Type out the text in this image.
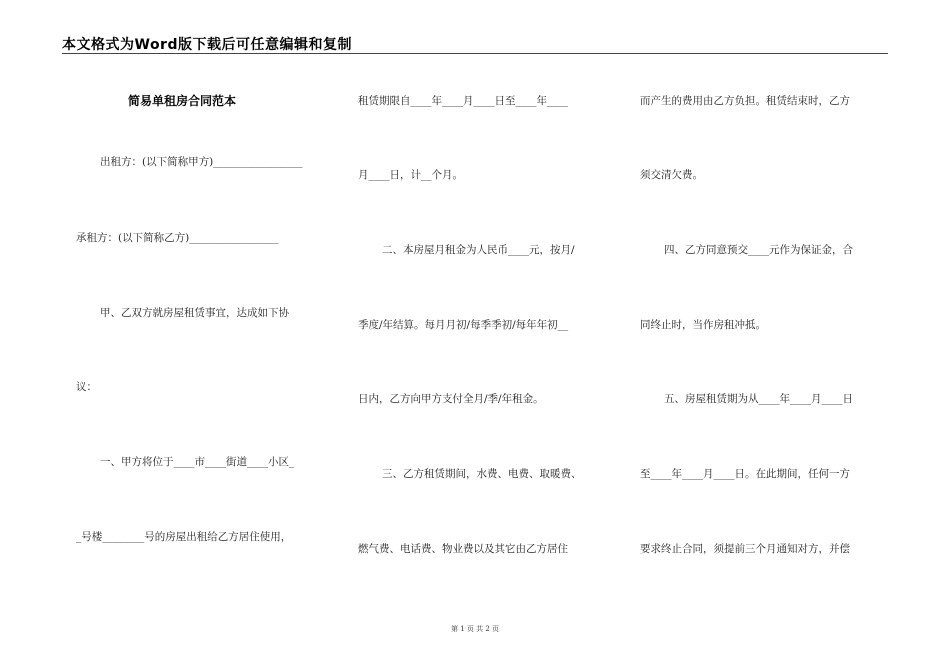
本文格式为Word版下载后可任意编辑和复制
简易单租房合同范本
出租方：(以下简称甲方)_________________
承租方：(以下简称乙方)_________________
甲、乙双方就房屋租赁事宜，达成如下协
议：
一、甲方将位于____市____街道____小区_
_号楼________号的房屋出租给乙方居住使用，
租赁期限自____年____月____日至____年____
月____日，计__个月。
二、本房屋月租金为人民币____元，按月/
季度/年结算。每月月初/每季季初/每年年初__
日内，乙方向甲方支付全月/季/年租金。
三、乙方租赁期间，水费、电费、取暖费、
燃气费、电话费、物业费以及其它由乙方居住
而产生的费用由乙方负担。租赁结束时，乙方
须交清欠费。
四、乙方同意预交____元作为保证金，合
同终止时，当作房租冲抵。
五、房屋租赁期为从____年____月____日
至____年____月____日。在此期间，任何一方
要求终止合同，须提前三个月通知对方，并偿
第 1 页 共 2 页
